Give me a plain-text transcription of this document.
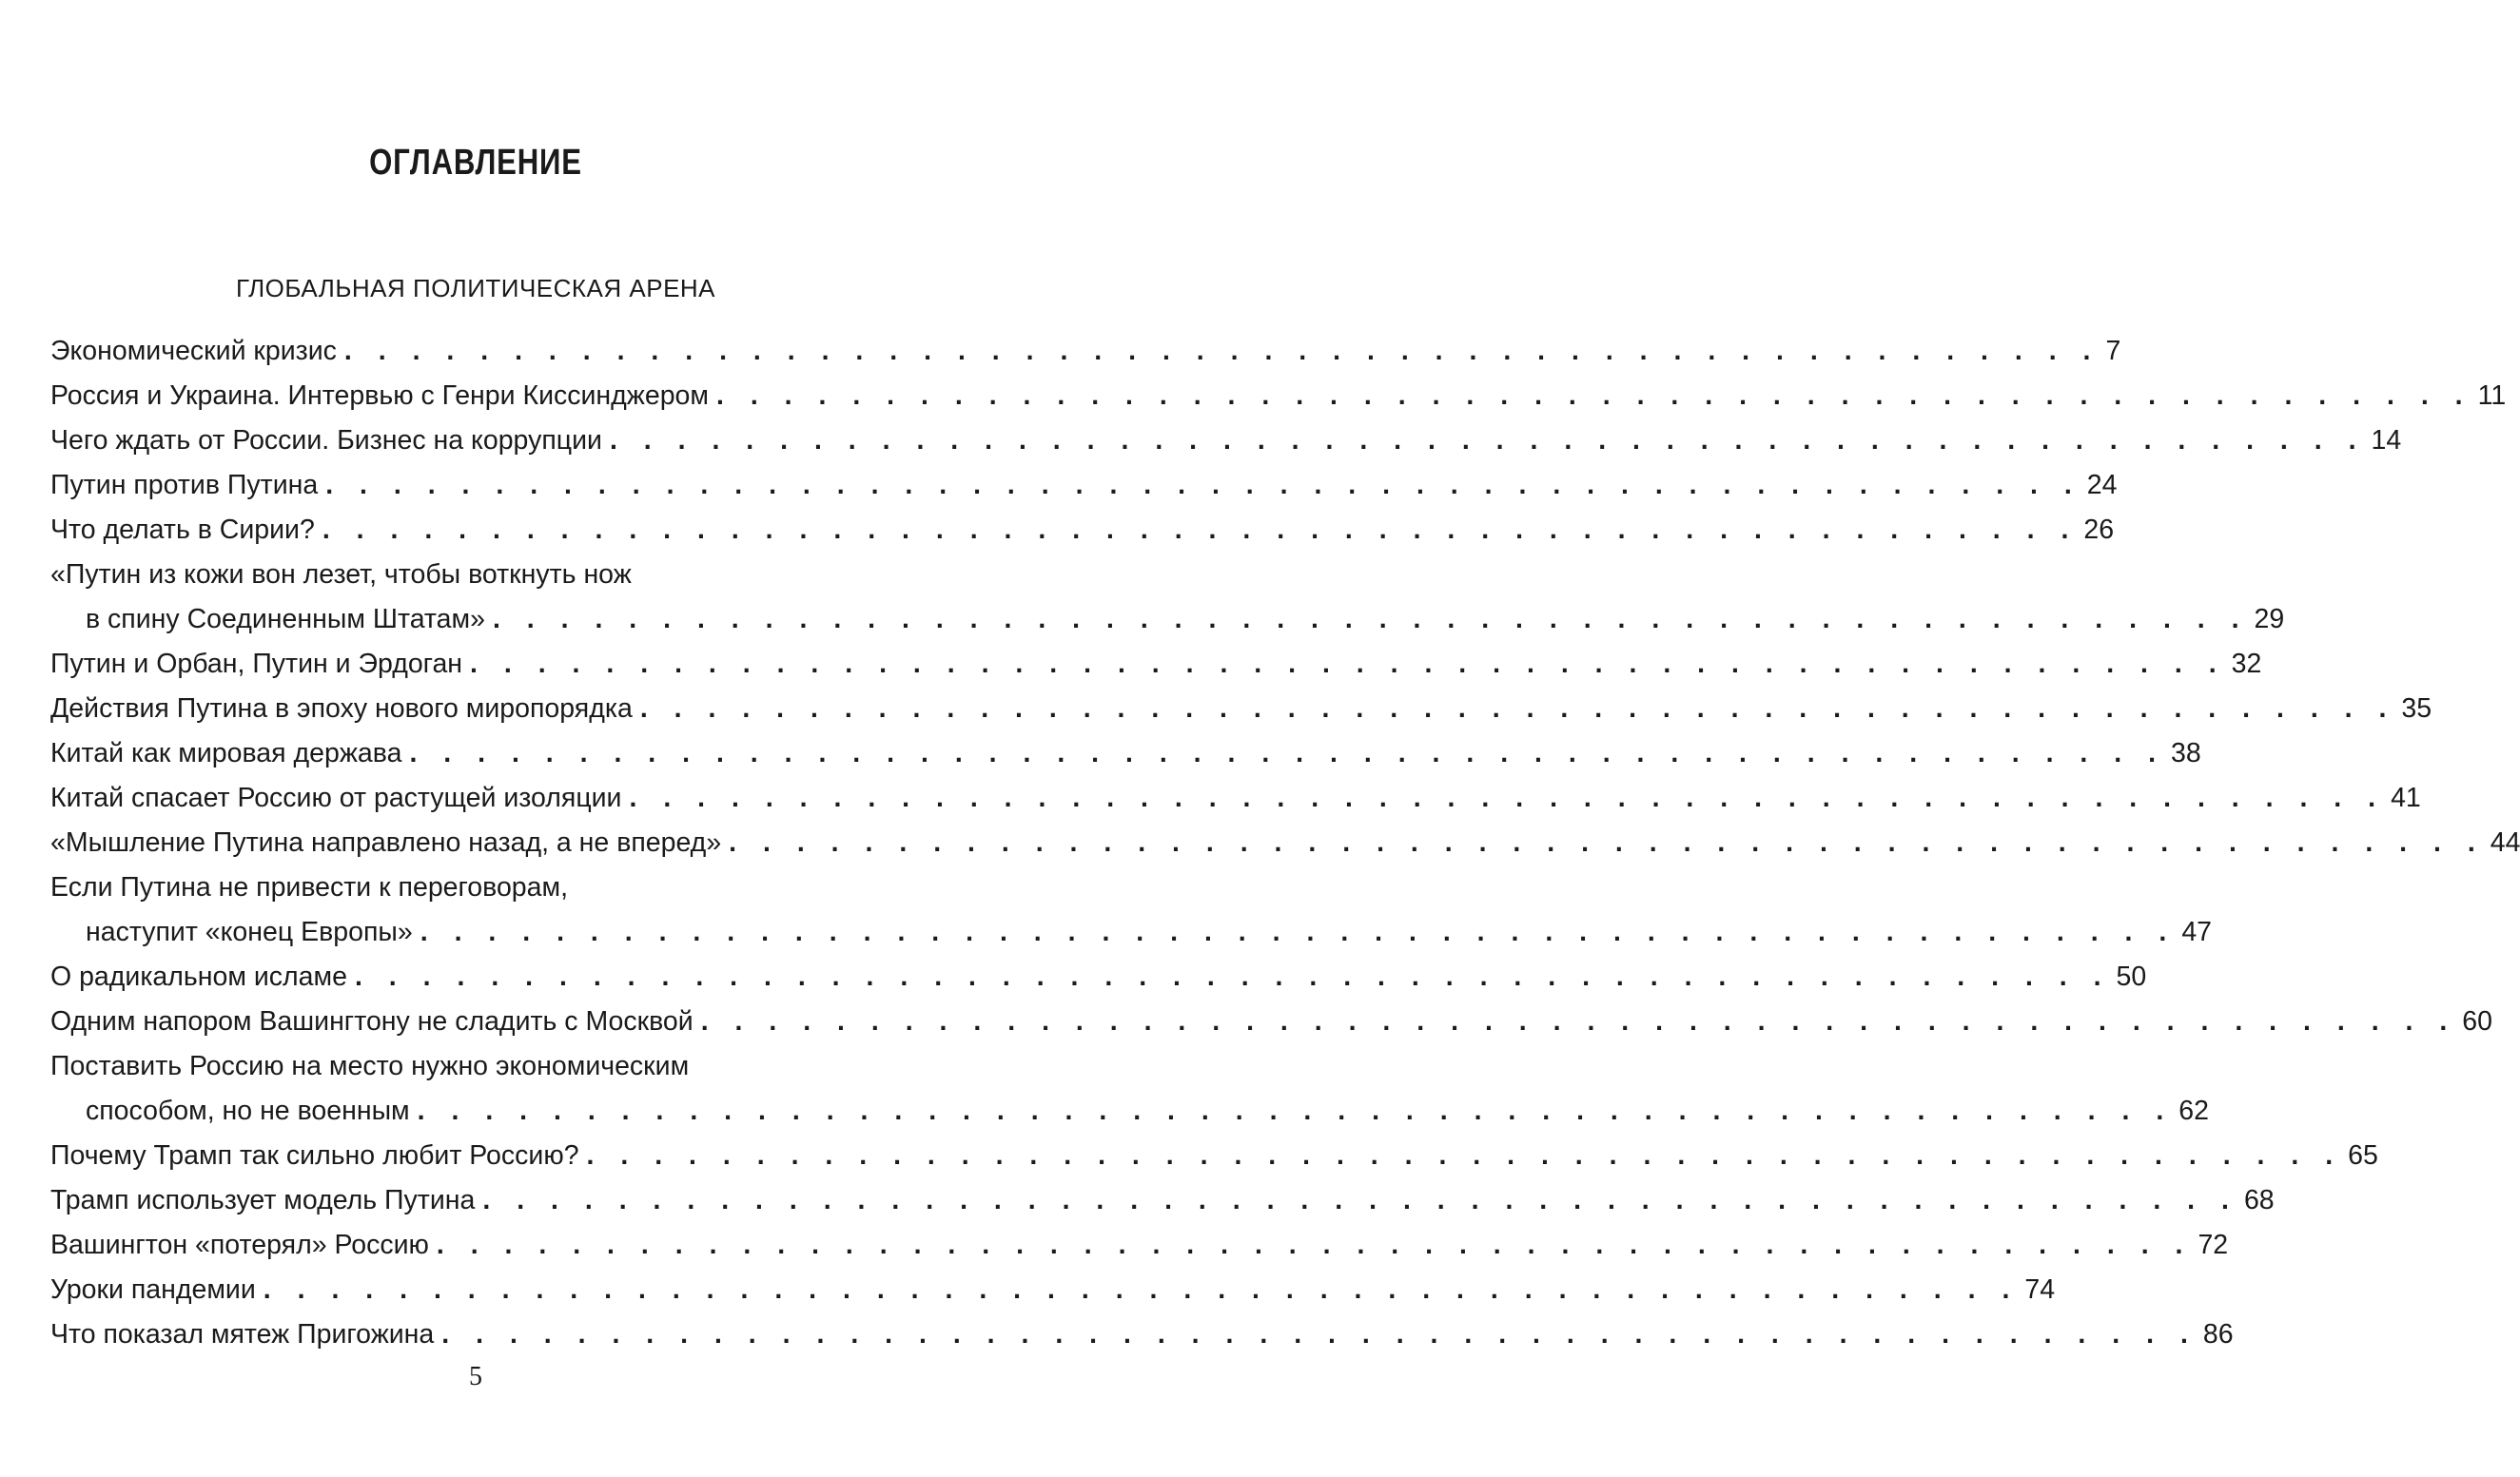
ОГЛАВЛЕНИЕ
ГЛОБАЛЬНАЯ ПОЛИТИЧЕСКАЯ АРЕНА
Экономический кризис . . . . . . . . . . . . . . . . . . . . . . . . . . . . . . . . . . . . . . . . . . . . . . . . . . . . 7
Россия и Украина. Интервью с Генри Киссинджером . . . . . . . . . . . . . . . . . . . . . . . . . . . . . . . . . . . . . . . . . . . . . . . . . . . . 11
Чего ждать от России. Бизнес на коррупции . . . . . . . . . . . . . . . . . . . . . . . . . . . . . . . . . . . . . . . . . . . . . . . . . . . . 14
Путин против Путина . . . . . . . . . . . . . . . . . . . . . . . . . . . . . . . . . . . . . . . . . . . . . . . . . . . . 24
Что делать в Сирии? . . . . . . . . . . . . . . . . . . . . . . . . . . . . . . . . . . . . . . . . . . . . . . . . . . . . 26
«Путин из кожи вон лезет, чтобы воткнуть нож
в спину Соединенным Штатам» . . . . . . . . . . . . . . . . . . . . . . . . . . . . . . . . . . . . . . . . . . . . . . . . . . . . 29
Путин и Орбан, Путин и Эрдоган . . . . . . . . . . . . . . . . . . . . . . . . . . . . . . . . . . . . . . . . . . . . . . . . . . . . 32
Действия Путина в эпоху нового миропорядка . . . . . . . . . . . . . . . . . . . . . . . . . . . . . . . . . . . . . . . . . . . . . . . . . . . . 35
Китай как мировая держава . . . . . . . . . . . . . . . . . . . . . . . . . . . . . . . . . . . . . . . . . . . . . . . . . . . . 38
Китай спасает Россию от растущей изоляции . . . . . . . . . . . . . . . . . . . . . . . . . . . . . . . . . . . . . . . . . . . . . . . . . . . . 41
«Мышление Путина направлено назад, а не вперед» . . . . . . . . . . . . . . . . . . . . . . . . . . . . . . . . . . . . . . . . . . . . . . . . . . . . 44
Если Путина не привести к переговорам,
наступит «конец Европы» . . . . . . . . . . . . . . . . . . . . . . . . . . . . . . . . . . . . . . . . . . . . . . . . . . . . 47
О радикальном исламе . . . . . . . . . . . . . . . . . . . . . . . . . . . . . . . . . . . . . . . . . . . . . . . . . . . . 50
Одним напором Вашингтону не сладить с Москвой . . . . . . . . . . . . . . . . . . . . . . . . . . . . . . . . . . . . . . . . . . . . . . . . . . . . 60
Поставить Россию на место нужно экономическим
способом, но не военным . . . . . . . . . . . . . . . . . . . . . . . . . . . . . . . . . . . . . . . . . . . . . . . . . . . . 62
Почему Трамп так сильно любит Россию? . . . . . . . . . . . . . . . . . . . . . . . . . . . . . . . . . . . . . . . . . . . . . . . . . . . . 65
Трамп использует модель Путина . . . . . . . . . . . . . . . . . . . . . . . . . . . . . . . . . . . . . . . . . . . . . . . . . . . . 68
Вашингтон «потерял» Россию . . . . . . . . . . . . . . . . . . . . . . . . . . . . . . . . . . . . . . . . . . . . . . . . . . . . 72
Уроки пандемии . . . . . . . . . . . . . . . . . . . . . . . . . . . . . . . . . . . . . . . . . . . . . . . . . . . . 74
Что показал мятеж Пригожина . . . . . . . . . . . . . . . . . . . . . . . . . . . . . . . . . . . . . . . . . . . . . . . . . . . . 86
5
